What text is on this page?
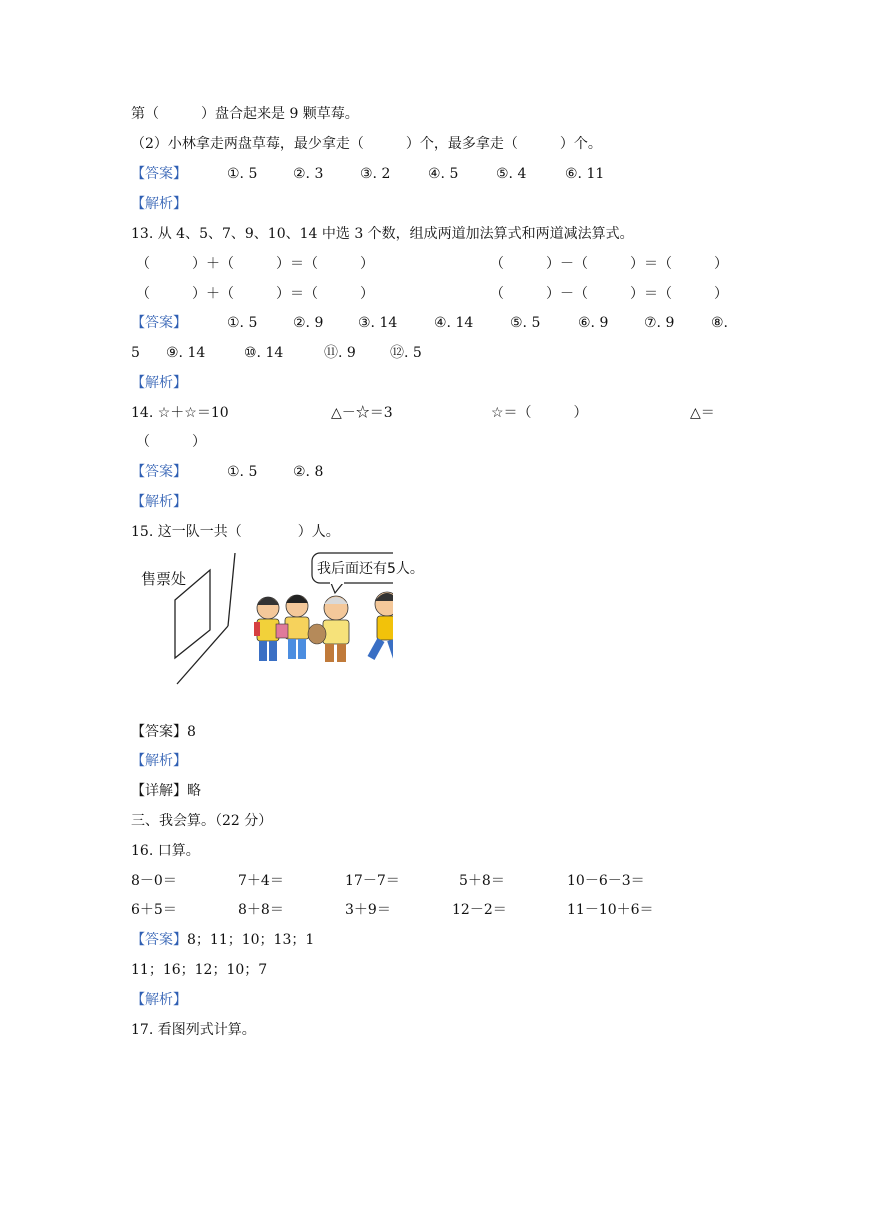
第（　　　）盘合起来是 9 颗草莓。
（2）小林拿走两盘草莓，最少拿走（　　　）个，最多拿走（　　　）个。
【答案】	①. 5	②. 3	③. 2	④. 5	⑤. 4	⑥. 11
【解析】
13. 从 4、5、7、9、10、14 中选 3 个数，组成两道加法算式和两道减法算式。
（　　　）＋（　　　）＝（　　　）	（　　　）－（　　　）＝（　　　）
（　　　）＋（　　　）＝（　　　）	（　　　）－（　　　）＝（　　　）
【答案】	①. 5	②. 9 ③. 14	④. 14	⑤. 5	⑥. 9	⑦. 9	⑧.
5 ⑨. 14	⑩. 14	⑪. 9 ⑫. 5
【解析】
14. ☆＋☆＝10	△－☆＝3	☆＝（　　　）	△＝
（　　　）
【答案】	①. 5	②. 8
【解析】
15. 这一队一共（　　　　）人。
售票处
我后面还有5人。
【答案】8
【解析】
【详解】略
三、我会算。（22 分）
16. 口算。
8－0＝	7＋4＝	17－7＝	5＋8＝	10－6－3＝
6＋5＝	8＋8＝	3＋9＝	12－2＝	11－10＋6＝
【答案】8；11；10；13；1
11；16；12；10；7
【解析】
17. 看图列式计算。
